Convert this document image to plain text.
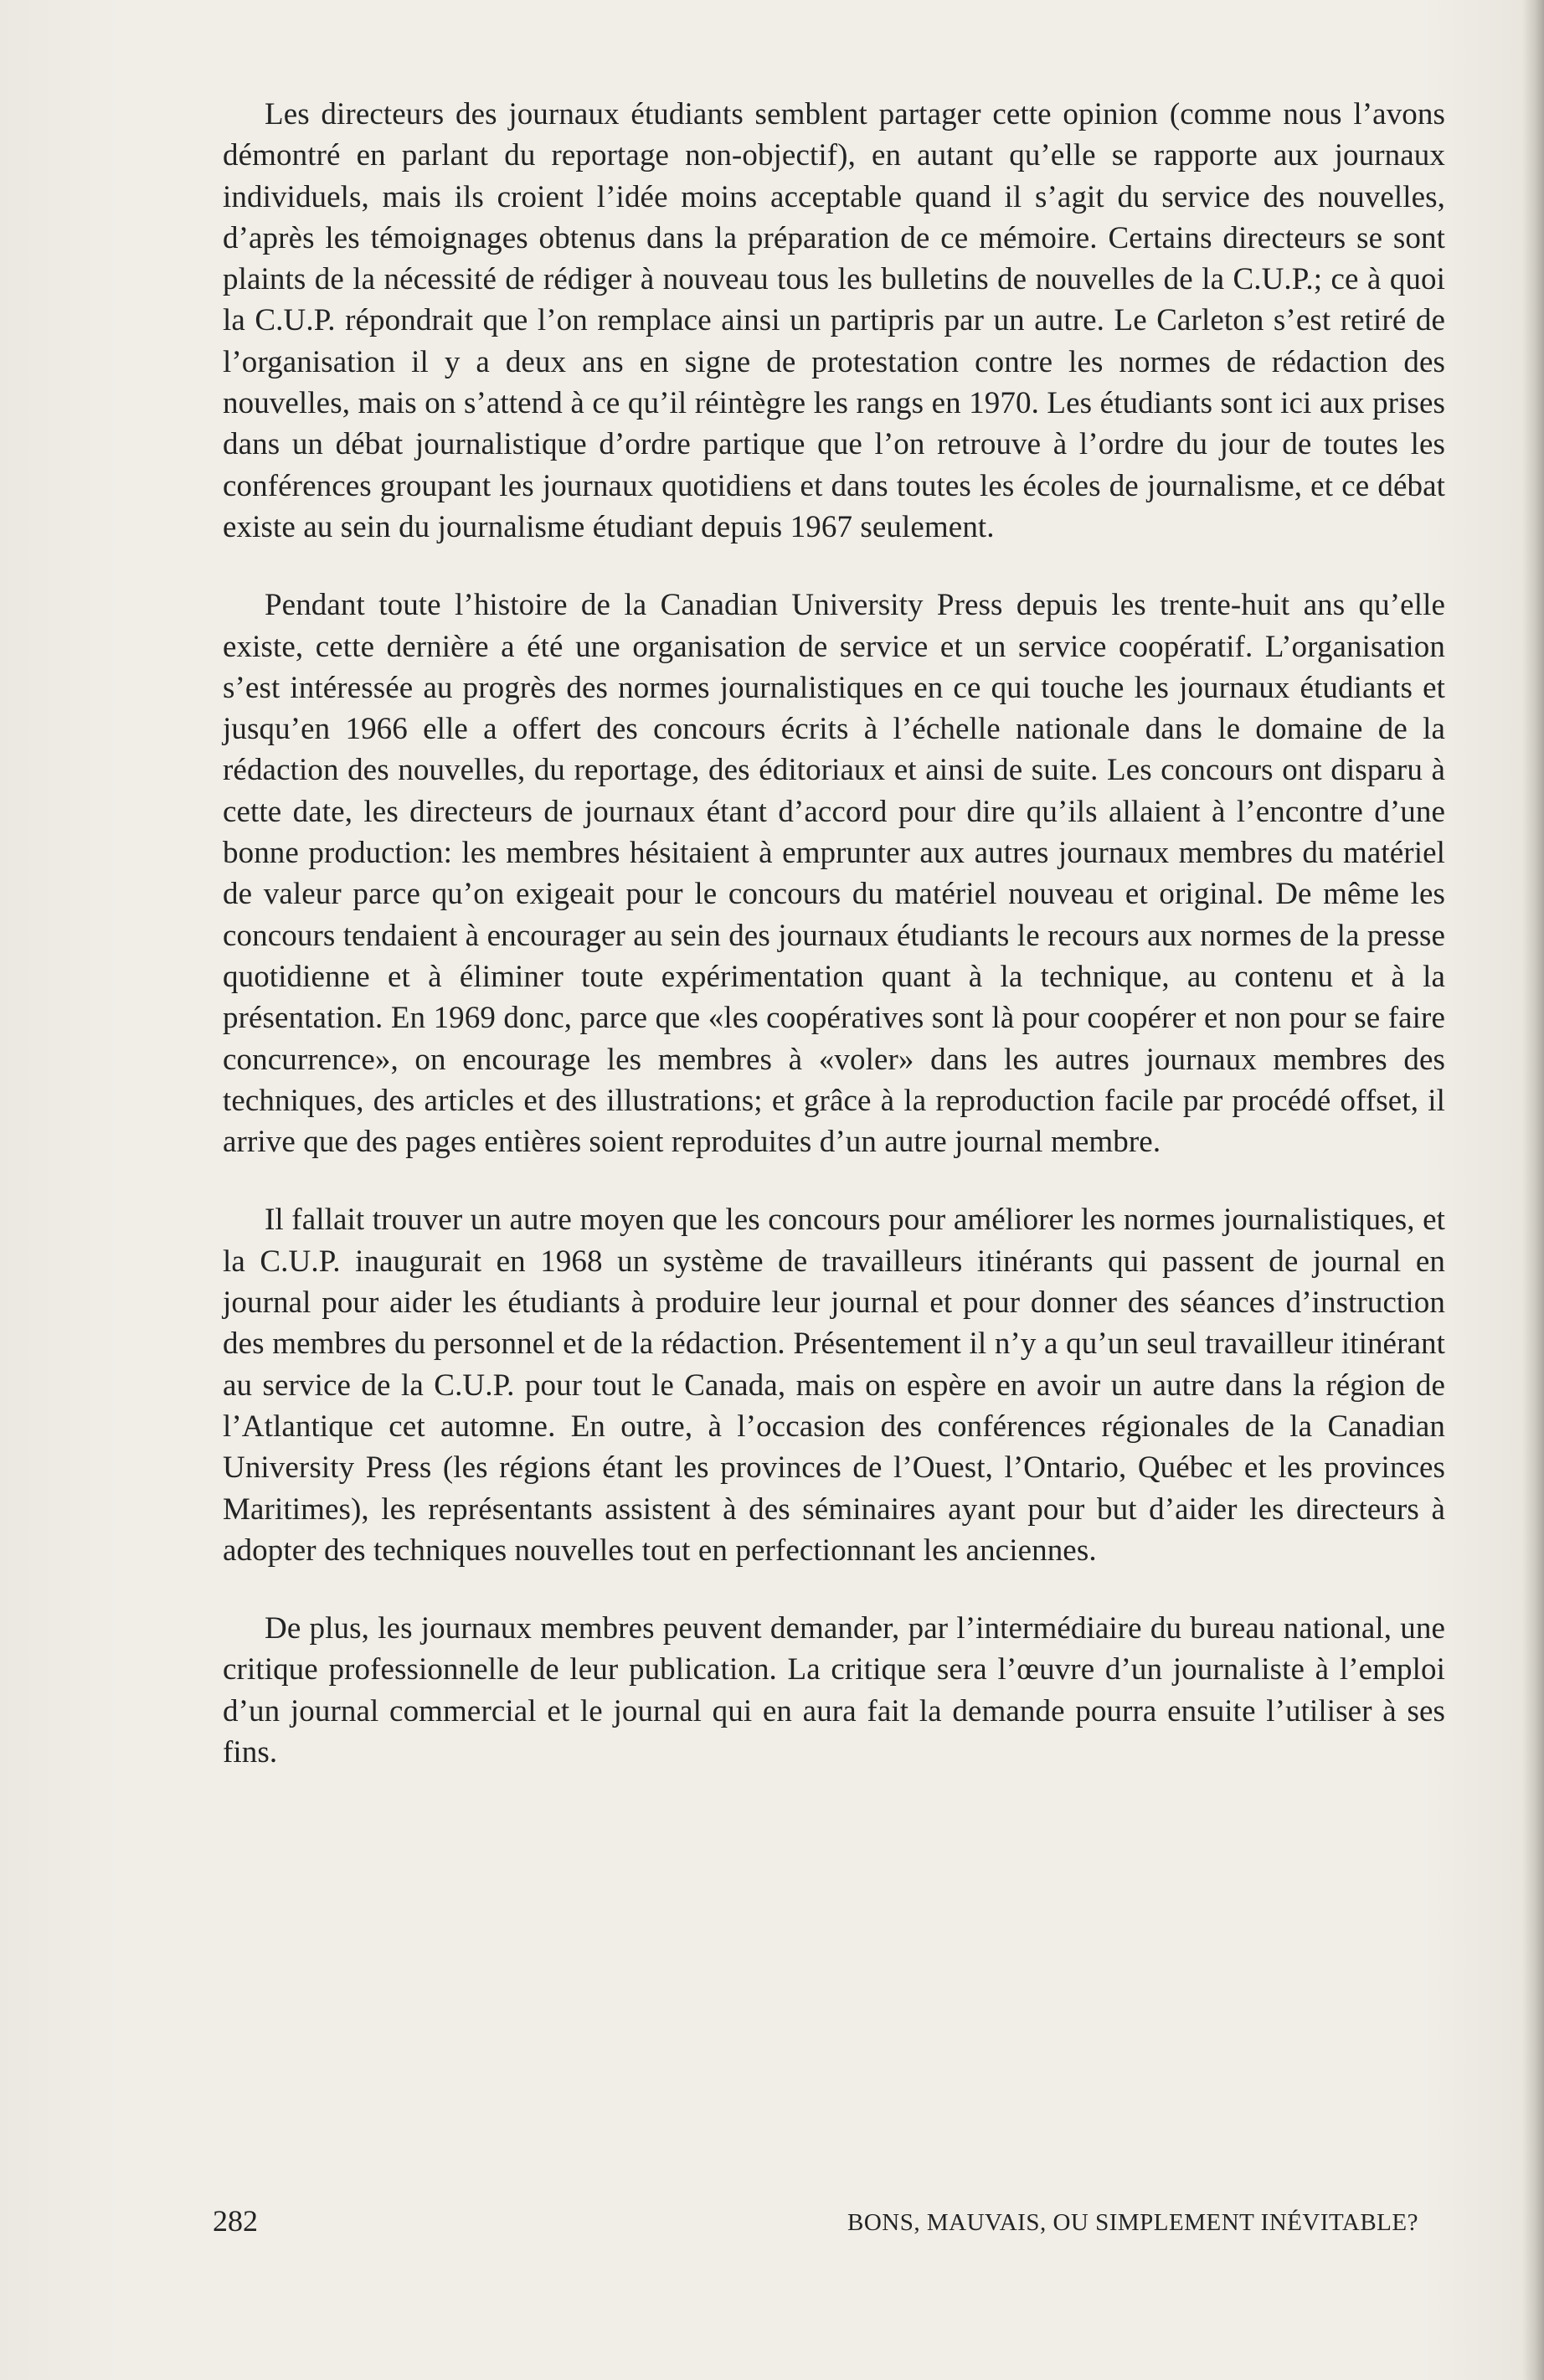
Les directeurs des journaux étudiants semblent partager cette opinion (comme nous l’avons démontré en parlant du reportage non-objectif), en autant qu’elle se rapporte aux journaux individuels, mais ils croient l’idée moins acceptable quand il s’agit du service des nouvelles, d’après les témoignages obtenus dans la préparation de ce mémoire. Certains directeurs se sont plaints de la nécessité de rédiger à nouveau tous les bulletins de nouvelles de la C.U.P.; ce à quoi la C.U.P. répondrait que l’on remplace ainsi un partipris par un autre. Le Carleton s’est retiré de l’organisation il y a deux ans en signe de protestation contre les normes de rédaction des nouvelles, mais on s’attend à ce qu’il réintègre les rangs en 1970. Les étudiants sont ici aux prises dans un débat journalistique d’ordre partique que l’on retrouve à l’ordre du jour de toutes les conférences groupant les journaux quotidiens et dans toutes les écoles de journalisme, et ce débat existe au sein du journalisme étudiant depuis 1967 seulement.

Pendant toute l’histoire de la Canadian University Press depuis les trente-huit ans qu’elle existe, cette dernière a été une organisation de service et un service coopératif. L’organisation s’est intéressée au progrès des normes journalistiques en ce qui touche les journaux étudiants et jusqu’en 1966 elle a offert des concours écrits à l’échelle nationale dans le domaine de la rédaction des nouvelles, du reportage, des éditoriaux et ainsi de suite. Les concours ont disparu à cette date, les directeurs de journaux étant d’accord pour dire qu’ils allaient à l’encontre d’une bonne production: les membres hésitaient à emprunter aux autres journaux membres du matériel de valeur parce qu’on exigeait pour le concours du matériel nouveau et original. De même les concours tendaient à encourager au sein des journaux étudiants le recours aux normes de la presse quotidienne et à éliminer toute expérimentation quant à la technique, au contenu et à la présentation. En 1969 donc, parce que «les coopératives sont là pour coopérer et non pour se faire concurrence», on encourage les membres à «voler» dans les autres journaux membres des techniques, des articles et des illustrations; et grâce à la reproduction facile par procédé offset, il arrive que des pages entières soient reproduites d’un autre journal membre.

Il fallait trouver un autre moyen que les concours pour améliorer les normes journalistiques, et la C.U.P. inaugurait en 1968 un système de travailleurs itinérants qui passent de journal en journal pour aider les étudiants à produire leur journal et pour donner des séances d’instruction des membres du personnel et de la rédaction. Présentement il n’y a qu’un seul travailleur itinérant au service de la C.U.P. pour tout le Canada, mais on espère en avoir un autre dans la région de l’Atlantique cet automne. En outre, à l’occasion des conférences régionales de la Canadian University Press (les régions étant les provinces de l’Ouest, l’Ontario, Québec et les provinces Maritimes), les représentants assistent à des séminaires ayant pour but d’aider les directeurs à adopter des techniques nouvelles tout en perfectionnant les anciennes.

De plus, les journaux membres peuvent demander, par l’intermédiaire du bureau national, une critique professionnelle de leur publication. La critique sera l’œuvre d’un journaliste à l’emploi d’un journal commercial et le journal qui en aura fait la demande pourra ensuite l’utiliser à ses fins.

282	BONS, MAUVAIS, OU SIMPLEMENT INÉVITABLE?
